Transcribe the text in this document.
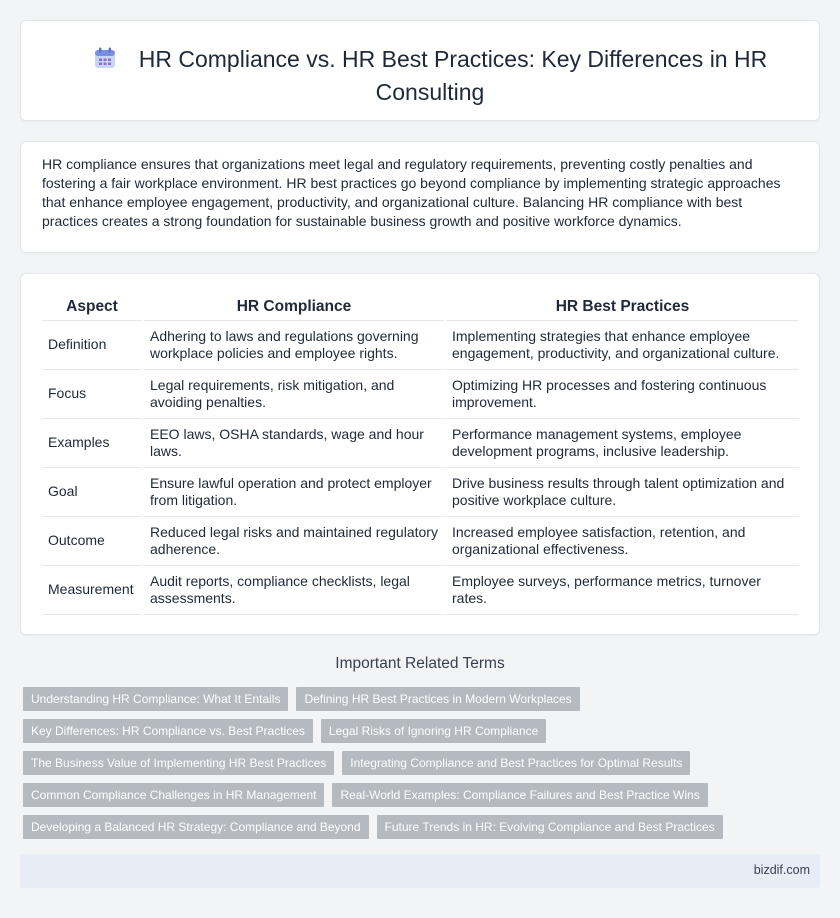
HR Compliance vs. HR Best Practices: Key Differences in HR Consulting

HR compliance ensures that organizations meet legal and regulatory requirements, preventing costly penalties and fostering a fair workplace environment. HR best practices go beyond compliance by implementing strategic approaches that enhance employee engagement, productivity, and organizational culture. Balancing HR compliance with best practices creates a strong foundation for sustainable business growth and positive workforce dynamics.

Aspect	HR Compliance	HR Best Practices
Definition	Adhering to laws and regulations governing workplace policies and employee rights.	Implementing strategies that enhance employee engagement, productivity, and organizational culture.
Focus	Legal requirements, risk mitigation, and avoiding penalties.	Optimizing HR processes and fostering continuous improvement.
Examples	EEO laws, OSHA standards, wage and hour laws.	Performance management systems, employee development programs, inclusive leadership.
Goal	Ensure lawful operation and protect employer from litigation.	Drive business results through talent optimization and positive workplace culture.
Outcome	Reduced legal risks and maintained regulatory adherence.	Increased employee satisfaction, retention, and organizational effectiveness.
Measurement	Audit reports, compliance checklists, legal assessments.	Employee surveys, performance metrics, turnover rates.
Important Related Terms
Understanding HR Compliance: What It Entails	Defining HR Best Practices in Modern Workplaces
Key Differences: HR Compliance vs. Best Practices	Legal Risks of Ignoring HR Compliance
The Business Value of Implementing HR Best Practices	Integrating Compliance and Best Practices for Optimal Results
Common Compliance Challenges in HR Management	Real-World Examples: Compliance Failures and Best Practice Wins
Developing a Balanced HR Strategy: Compliance and Beyond	Future Trends in HR: Evolving Compliance and Best Practices
bizdif.com
